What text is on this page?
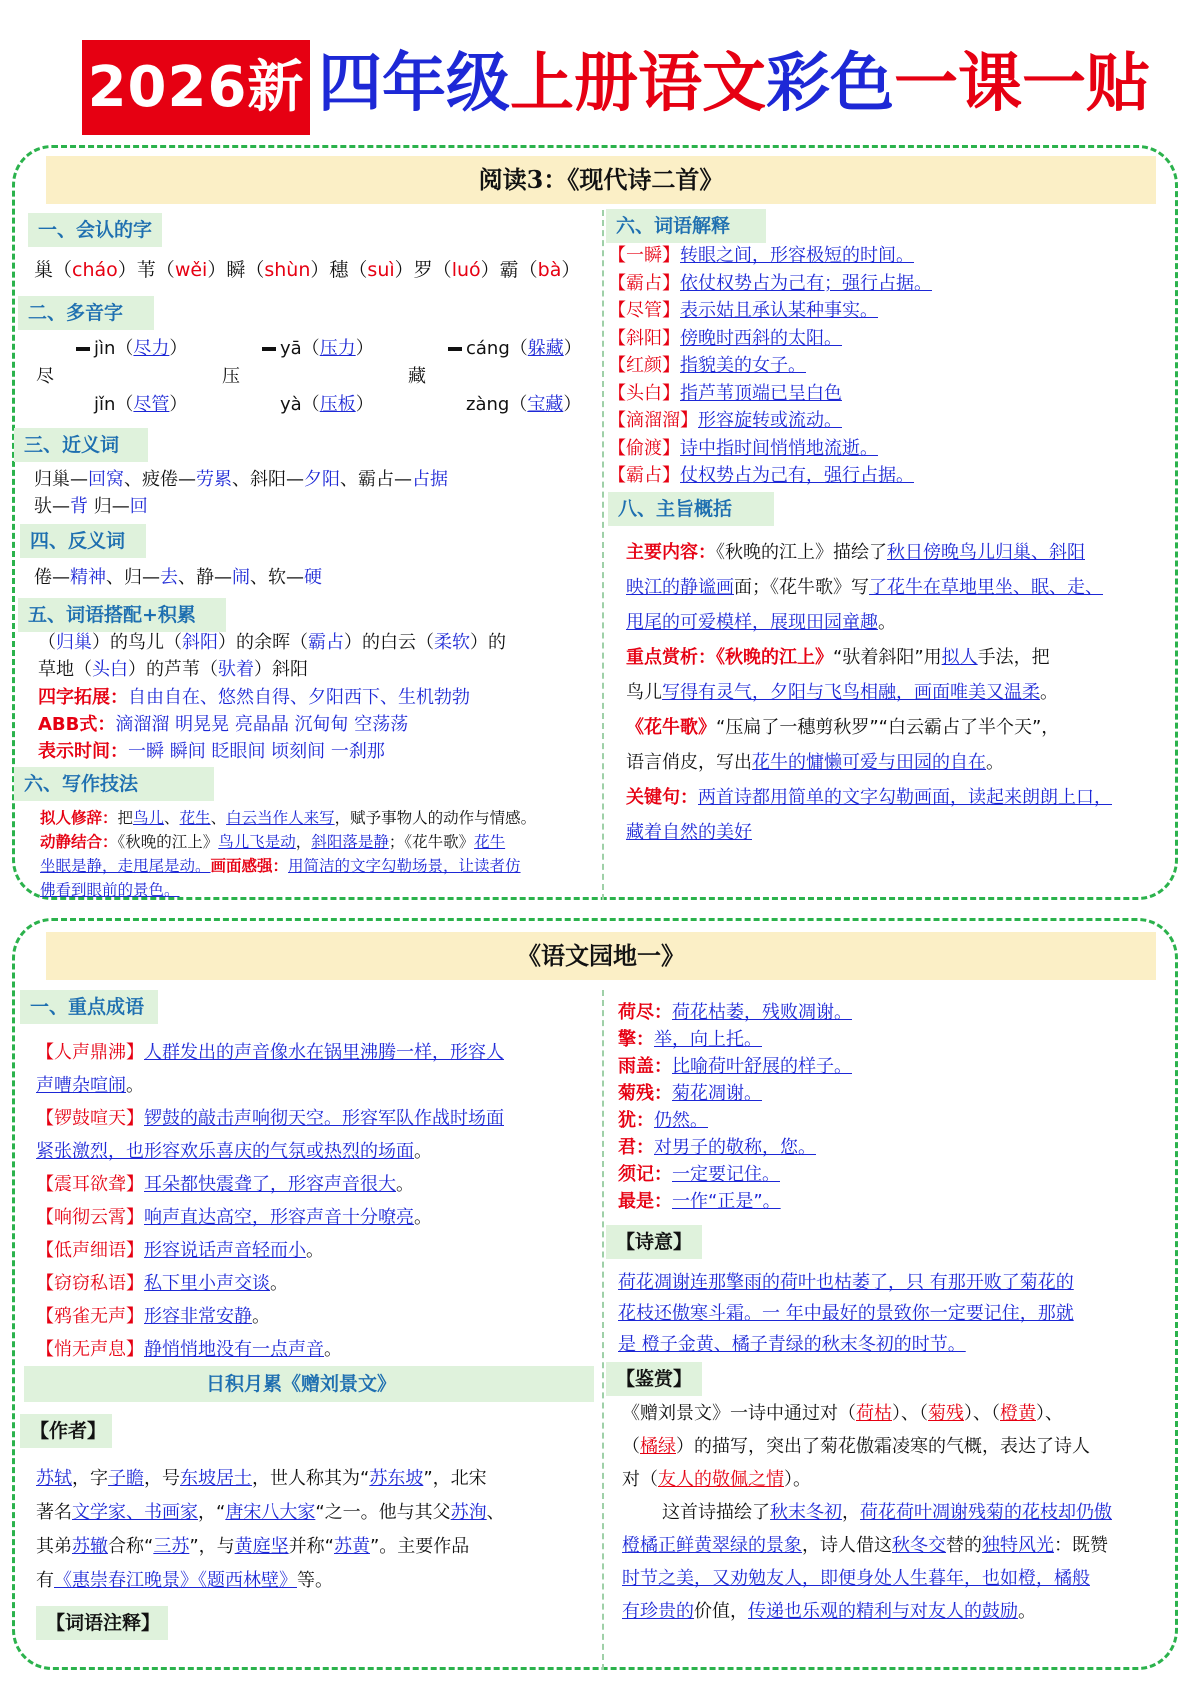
2026新 四年级上册语文彩色一课一贴
阅读3：《现代诗二首》
一、会认的字
巢（cháo）苇（wěi）瞬（shùn）穗（suì）罗（luó）霸（bà）
二、多音字
三、近义词
归巢—回窝、疲倦—劳累、斜阳—夕阳、霸占—占据
驮—背 归—回
四、反义词
倦—精神、归—去、静—闹、软—硬
五、词语搭配+积累
（归巢）的鸟儿（斜阳）的余晖（霸占）的白云（柔软）的
草地（头白）的芦苇（驮着）斜阳
六、写作技法
拟人修辞：把鸟儿、花生、白云当作人来写，赋予事物人的动作与情感。
动静结合：《秋晚的江上》鸟儿飞是动，斜阳落是静；《花牛歌》花牛
坐眠是静，走甩尾是动。画面感强：用简洁的文字勾勒场景，让读者仿
佛看到眼前的景色。
六、词语解释
八、主旨概括
主要内容：《秋晚的江上》描绘了秋日傍晚鸟儿归巢、斜阳
映江的静谧画面；《花牛歌》写了花牛在草地里坐、眠、走、
甩尾的可爱模样，展现田园童趣。
重点赏析：《秋晚的江上》“驮着斜阳”用拟人手法，把
鸟儿写得有灵气，夕阳与飞鸟相融，画面唯美又温柔。
《花牛歌》“压扁了一穗剪秋罗”“白云霸占了半个天”，
语言俏皮，写出花牛的慵懒可爱与田园的自在。
关键句：两首诗都用简单的文字勾勒画面，读起来朗朗上口，
藏着自然的美好
《语文园地一》
一、重点成语
日积月累《赠刘景文》
【作者】
苏轼，字子瞻，号东坡居士，世人称其为“苏东坡”，北宋
著名文学家、书画家，“唐宋八大家“之一。他与其父苏洵、
其弟苏辙合称“三苏”，与黄庭坚并称“苏黄”。主要作品
有《惠崇春江晚景》《题西林壁》等。
【词语注释】
【诗意】
【鉴赏】
《赠刘景文》一诗中通过对（荷枯）、（菊残）、（橙黄）、
（橘绿）的描写，突出了菊花傲霜凌寒的气概，表达了诗人
对（友人的敬佩之情）。
这首诗描绘了秋末冬初，荷花荷叶凋谢残菊的花枝却仍傲
橙橘正鲜黄翠绿的景象，诗人借这秋冬交替的独特风光：既赞
时节之美，又劝勉友人，即便身处人生暮年，也如橙，橘般
有珍贵的价值，传递也乐观的精利与对友人的鼓励。
尽
jìn（尽力）
jǐn（尽管）
压
yā（压力）
yà（压板）
藏
cáng（躲藏）
zàng（宝藏）
四字拓展：自由自在、悠然自得、夕阳西下、生机勃勃
ABB式：滴溜溜 明晃晃 亮晶晶 沉甸甸 空荡荡
表示时间：一瞬 瞬间 眨眼间 顷刻间 一刹那
【一瞬】转眼之间，形容极短的时间。
【霸占】依仗权势占为己有；强行占据。
【尽管】表示姑且承认某种事实。
【斜阳】傍晚时西斜的太阳。
【红颜】指貌美的女子。
【头白】指芦苇顶端已呈白色
【滴溜溜】形容旋转或流动。
【偷渡】诗中指时间悄悄地流逝。
【霸占】仗权势占为己有，强行占据。
【人声鼎沸】人群发出的声音像水在锅里沸腾一样，形容人
声嘈杂喧闹。
【锣鼓喧天】锣鼓的敲击声响彻天空。形容军队作战时场面
紧张激烈，也形容欢乐喜庆的气氛或热烈的场面。
【震耳欲聋】耳朵都快震聋了，形容声音很大。
【响彻云霄】响声直达高空，形容声音十分嘹亮。
【低声细语】形容说话声音轻而小。
【窃窃私语】私下里小声交谈。
【鸦雀无声】形容非常安静。
【悄无声息】静悄悄地没有一点声音。
荷尽：荷花枯萎，残败凋谢。
擎：举，向上托。
雨盖：比喻荷叶舒展的样子。
菊残：菊花凋谢。
犹：仍然。
君：对男子的敬称，您。
须记：一定要记住。
最是：一作“正是”。
荷花凋谢连那擎雨的荷叶也枯萎了，只 有那开败了菊花的
花枝还傲寒斗霜。一 年中最好的景致你一定要记住，那就
是 橙子金黄、橘子青绿的秋末冬初的时节。
